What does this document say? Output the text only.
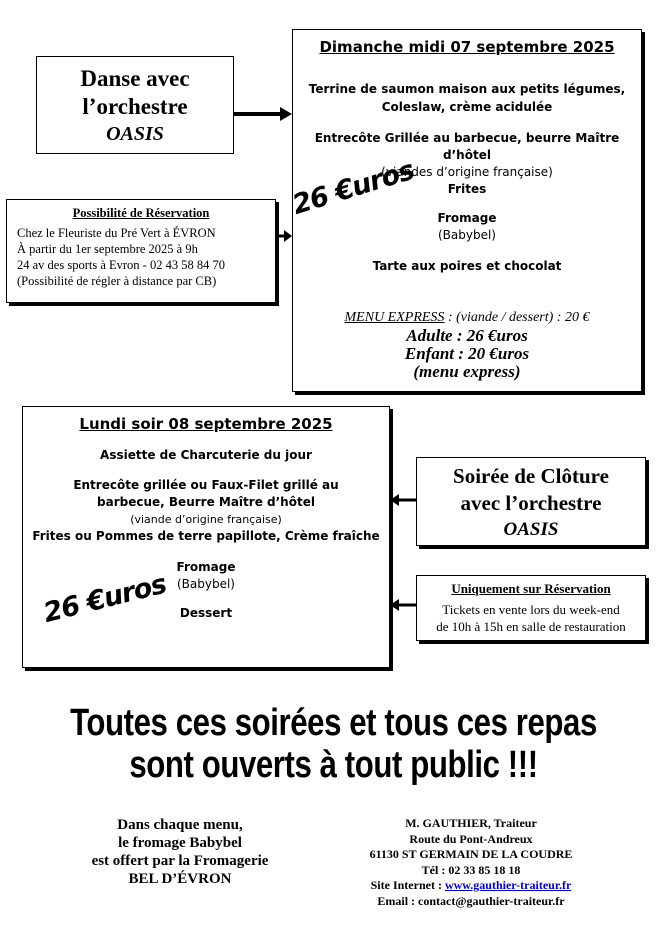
Danse avec
l’orchestre
OASIS
Possibilité de Réservation
Chez le Fleuriste du Pré Vert à ÉVRON
À partir du 1er septembre 2025 à 9h
24 av des sports à Evron - 02 43 58 84 70
(Possibilité de régler à distance par CB)
Dimanche midi 07 septembre 2025
Terrine de saumon maison aux petits légumes,
Coleslaw, crème acidulée
Entrecôte Grillée au barbecue, beurre Maître
d’hôtel
(viandes d’origine française)
Frites
Fromage
(Babybel)
Tarte aux poires et chocolat
MENU EXPRESS : (viande / dessert) : 20 €
Adulte : 26 €uros
Enfant : 20 €uros
(menu express)
26 €uros
Lundi soir 08 septembre 2025
Assiette de Charcuterie du jour
Entrecôte grillée ou Faux-Filet grillé au
barbecue, Beurre Maître d’hôtel
(viande d’origine française)
Frites ou Pommes de terre papillote, Crème fraîche
Fromage
(Babybel)
Dessert
26 €uros
Soirée de Clôture
avec l’orchestre
OASIS
Uniquement sur Réservation
Tickets en vente lors du week-end
de 10h à 15h en salle de restauration
Toutes ces soirées et tous ces repas
sont ouverts à tout public !!!
Dans chaque menu,
le fromage Babybel
est offert par la Fromagerie
BEL D’ÉVRON
M. GAUTHIER, Traiteur
Route du Pont-Andreux
61130 ST GERMAIN DE LA COUDRE
Tél : 02 33 85 18 18
Site Internet : www.gauthier-traiteur.fr
Email : contact@gauthier-traiteur.fr
